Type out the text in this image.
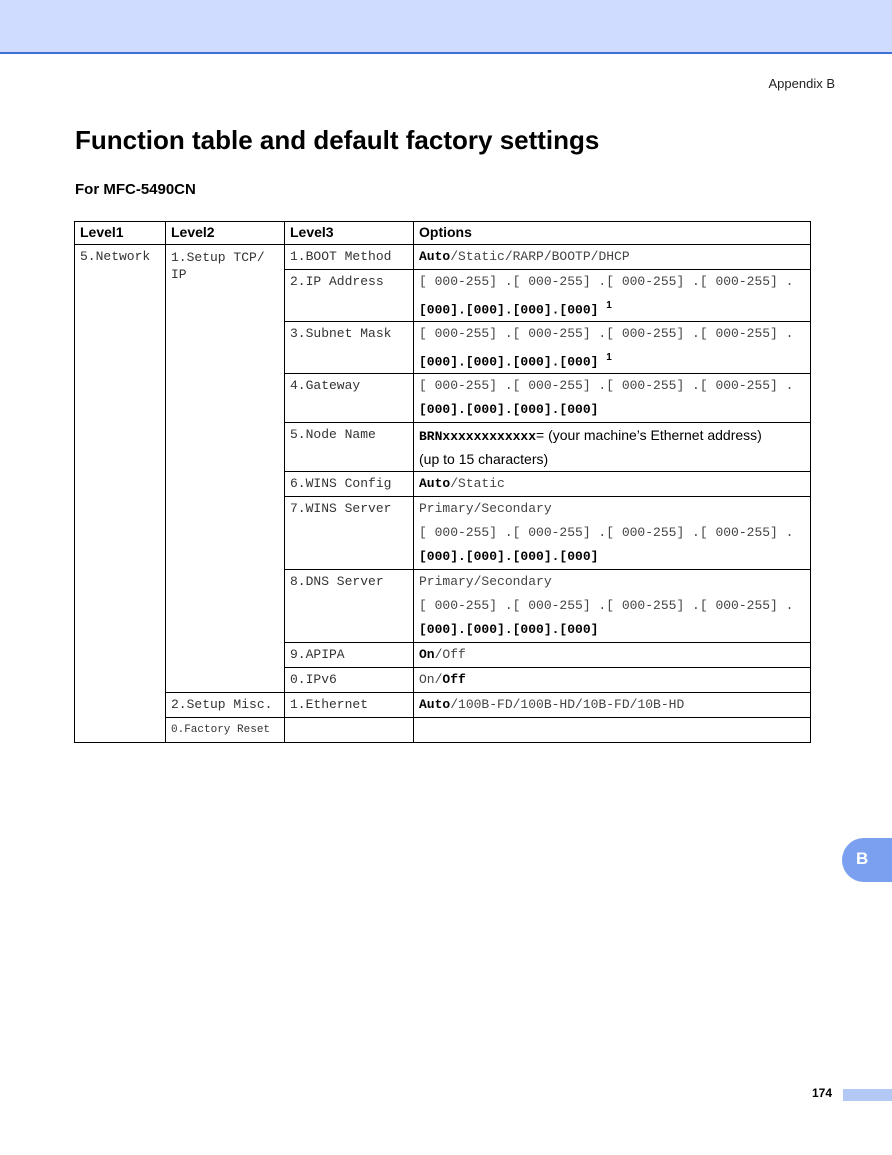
Appendix B
Function table and default factory settings
For MFC-5490CN
Level1	Level2	Level3	Options

5.Network	1.Setup TCP/ IP	1.BOOT Method	Auto/Static/RARP/BOOTP/DHCP

		2.IP Address	[ 000-255] .[ 000-255] .[ 000-255] .[ 000-255] .
[000].[000].[000].[000] $^1$

		3.Subnet Mask	[ 000-255] .[ 000-255] .[ 000-255] .[ 000-255] .
[000].[000].[000].[000] $^1$

		4.Gateway	[ 000-255] .[ 000-255] .[ 000-255] .[ 000-255] .
[000].[000].[000].[000]

		5.Node Name	BRNxxxxxxxxxxxx= (your machine’s Ethernet address)
(up to 15 characters)

		6.WINS Config	Auto/Static

		7.WINS Server	Primary/Secondary
[ 000-255] .[ 000-255] .[ 000-255] .[ 000-255] .
[000].[000].[000].[000]

		8.DNS Server	Primary/Secondary
[ 000-255] .[ 000-255] .[ 000-255] .[ 000-255] .
[000].[000].[000].[000]

		9.APIPA	On/Off

		0.IPv6	On/Off

	2.Setup Misc.	1.Ethernet	Auto/100B-FD/100B-HD/10B-FD/10B-HD

	0.Factory Reset		

B
174
